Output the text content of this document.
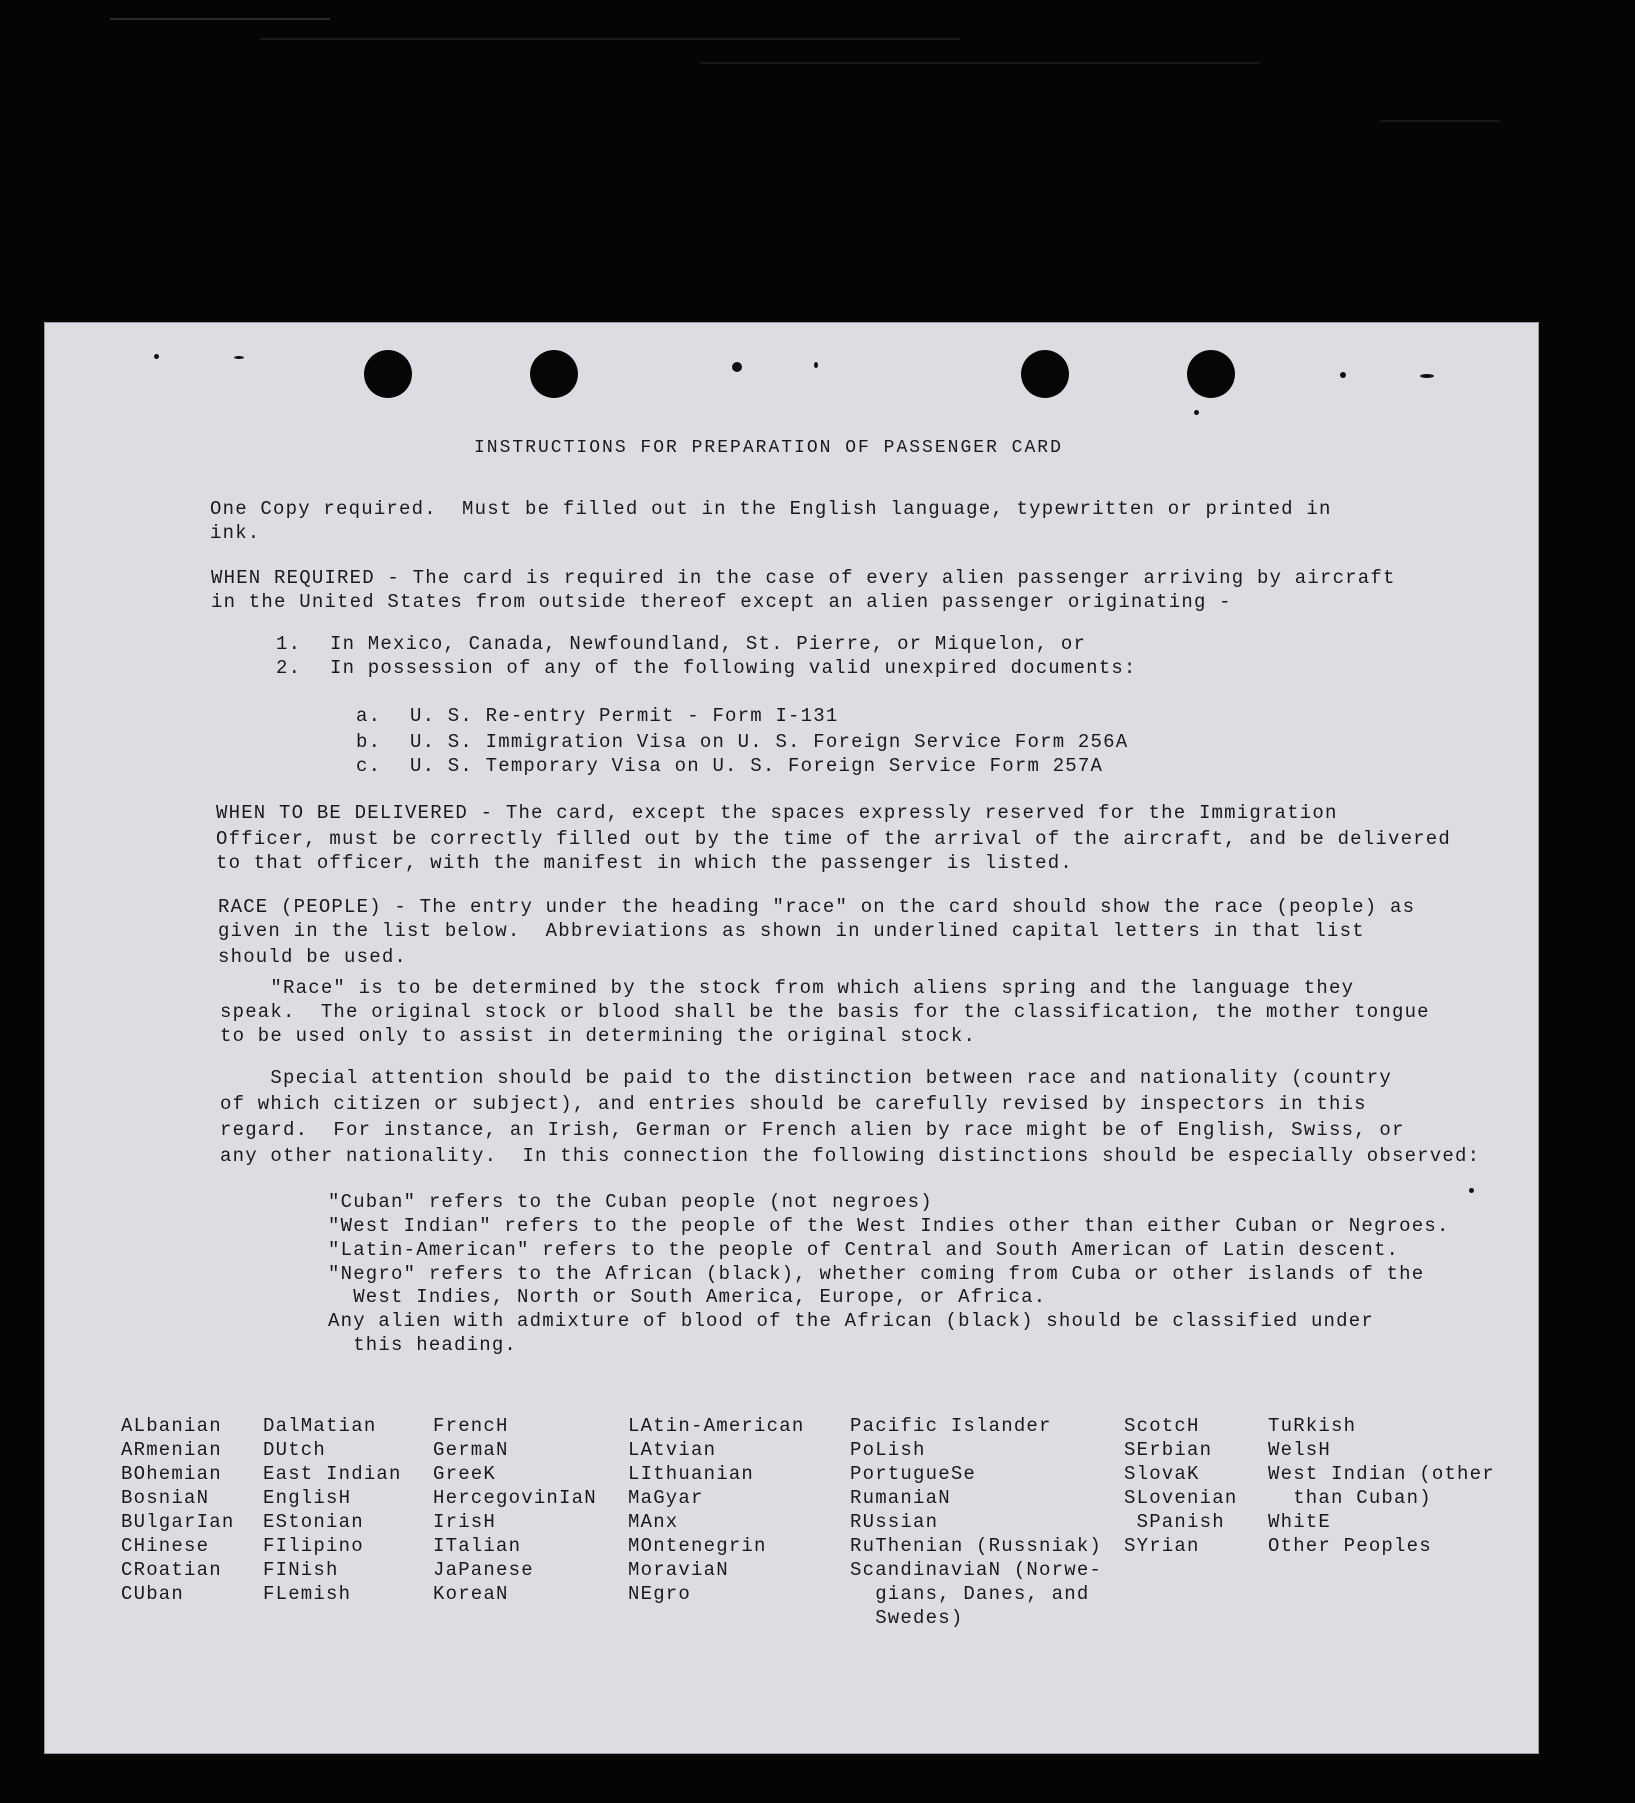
INSTRUCTIONS FOR PREPARATION OF PASSENGER CARD
One Copy required.  Must be filled out in the English language, typewritten or printed in
ink.
WHEN REQUIRED - The card is required in the case of every alien passenger arriving by aircraft
in the United States from outside thereof except an alien passenger originating -
1. In Mexico, Canada, Newfoundland, St. Pierre, or Miquelon, or
2. In possession of any of the following valid unexpired documents:
a. U. S. Re-entry Permit - Form I-131
b. U. S. Immigration Visa on U. S. Foreign Service Form 256A
c. U. S. Temporary Visa on U. S. Foreign Service Form 257A
WHEN TO BE DELIVERED - The card, except the spaces expressly reserved for the Immigration
Officer, must be correctly filled out by the time of the arrival of the aircraft, and be delivered
to that officer, with the manifest in which the passenger is listed.
RACE (PEOPLE) - The entry under the heading "race" on the card should show the race (people) as
given in the list below.  Abbreviations as shown in underlined capital letters in that list
should be used.
"Race" is to be determined by the stock from which aliens spring and the language they
speak.  The original stock or blood shall be the basis for the classification, the mother tongue
to be used only to assist in determining the original stock.
Special attention should be paid to the distinction between race and nationality (country
of which citizen or subject), and entries should be carefully revised by inspectors in this
regard.  For instance, an Irish, German or French alien by race might be of English, Swiss, or
any other nationality.  In this connection the following distinctions should be especially observed:
"Cuban" refers to the Cuban people (not negroes)
"West Indian" refers to the people of the West Indies other than either Cuban or Negroes.
"Latin-American" refers to the people of Central and South American of Latin descent.
"Negro" refers to the African (black), whether coming from Cuba or other islands of the
West Indies, North or South America, Europe, or Africa.
Any alien with admixture of blood of the African (black) should be classified under
this heading.
ALbanian
ARmenian
BOhemian
BosniaN
BUlgarIan
CHinese
CRoatian
CUban
DalMatian
DUtch
East Indian
EnglisH
EStonian
FIlipino
FINish
FLemish
FrencH
GermaN
GreeK
HercegovinIaN
IrisH
ITalian
JaPanese
KoreaN
LAtin-American
LAtvian
LIthuanian
MaGyar
MAnx
MOntenegrin
MoraviaN
NEgro
Pacific Islander
PoLish
PortugueSe
RumaniaN
RUssian
RuThenian (Russniak)
ScandinaviaN (Norwe-
gians, Danes, and
Swedes)
ScotcH
SErbian
SlovaK
SLovenian
SPanish
SYrian
TuRkish
WelsH
West Indian (other
than Cuban)
WhitE
Other Peoples
